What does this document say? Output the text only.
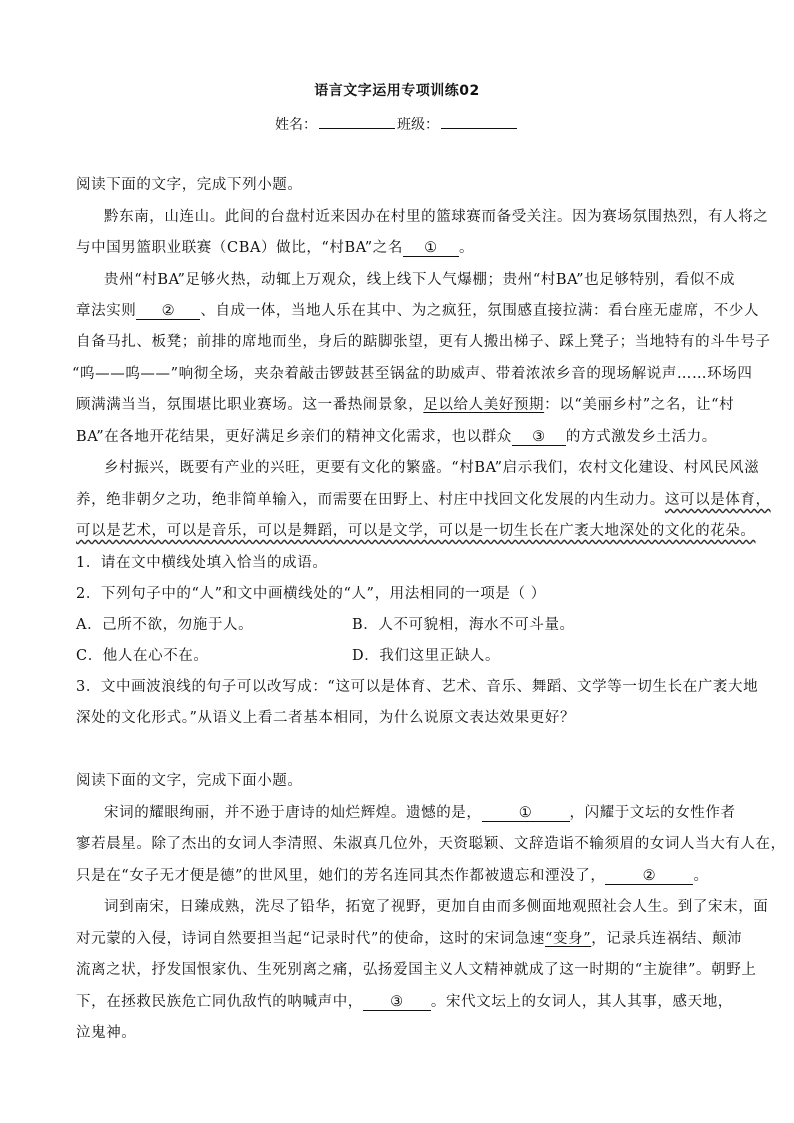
语言文字运用专项训练02
姓名：	班级：
阅读下面的文字，完成下列小题。
黔东南，山连山。此间的台盘村近来因办在村里的篮球赛而备受关注。因为赛场氛围热烈，有人将之
与中国男篮职业联赛（CBA）做比，“村BA”之名 ① 。
贵州“村BA”足够火热，动辄上万观众，线上线下人气爆棚；贵州“村BA”也足够特别，看似不成
章法实则 ② 、自成一体，当地人乐在其中、为之疯狂，氛围感直接拉满：看台座无虚席，不少人
自备马扎、板凳；前排的席地而坐，身后的踮脚张望，更有人搬出梯子、踩上凳子；当地特有的斗牛号子
“呜——呜——”响彻全场，夹杂着敲击锣鼓甚至锅盆的助威声、带着浓浓乡音的现场解说声……环场四
顾满满当当，氛围堪比职业赛场。这一番热闹景象，足以给人美好预期：以“美丽乡村”之名，让“村
BA”在各地开花结果，更好满足乡亲们的精神文化需求，也以群众 ③ 的方式激发乡土活力。
乡村振兴，既要有产业的兴旺，更要有文化的繁盛。“村BA”启示我们，农村文化建设、村风民风滋
养，绝非朝夕之功，绝非简单输入，而需要在田野上、村庄中找回文化发展的内生动力。这可以是体育，
可以是艺术，可以是音乐，可以是舞蹈，可以是文学，可以是一切生长在广袤大地深处的文化的花朵。
1．请在文中横线处填入恰当的成语。
2．下列句子中的“人”和文中画横线处的“人”，用法相同的一项是（ ）
A．己所不欲，勿施于人。	B．人不可貌相，海水不可斗量。
C．他人在心不在。	D．我们这里正缺人。
3．文中画波浪线的句子可以改写成：“这可以是体育、艺术、音乐、舞蹈、文学等一切生长在广袤大地
深处的文化形式。”从语义上看二者基本相同，为什么说原文表达效果更好？
阅读下面的文字，完成下面小题。
宋词的耀眼绚丽，并不逊于唐诗的灿烂辉煌。遗憾的是，	①	，闪耀于文坛的女性作者
寥若晨星。除了杰出的女词人李清照、朱淑真几位外，天资聪颖、文辞造诣不输须眉的女词人当大有人在，
只是在“女子无才便是德”的世风里，她们的芳名连同其杰作都被遗忘和湮没了，	②	。
词到南宋，日臻成熟，洗尽了铅华，拓宽了视野，更加自由而多侧面地观照社会人生。到了宋末，面
对元蒙的入侵，诗词自然要担当起“记录时代”的使命，这时的宋词急速“变身”，记录兵连祸结、颠沛
流离之状，抒发国恨家仇、生死别离之痛，弘扬爱国主义人文精神就成了这一时期的“主旋律”。朝野上
下，在拯救民族危亡同仇敌忾的呐喊声中， ③ 。宋代文坛上的女词人，其人其事，感天地，
泣鬼神。
